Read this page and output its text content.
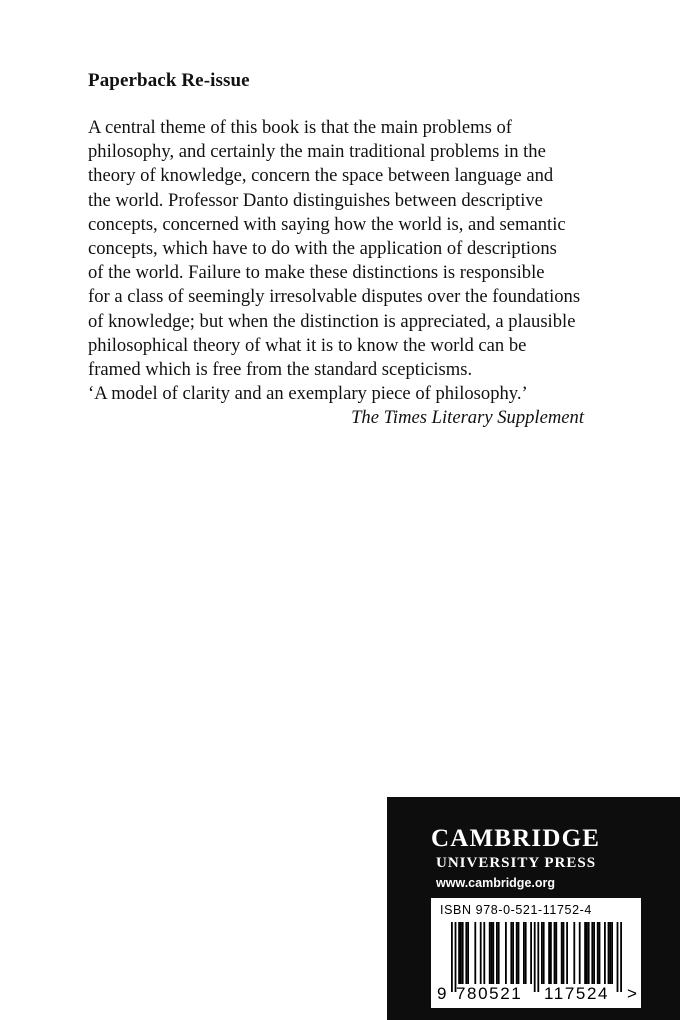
Paperback Re-issue

A central theme of this book is that the main problems of
philosophy, and certainly the main traditional problems in the
theory of knowledge, concern the space between language and
the world. Professor Danto distinguishes between descriptive
concepts, concerned with saying how the world is, and semantic
concepts, which have to do with the application of descriptions
of the world. Failure to make these distinctions is responsible
for a class of seemingly irresolvable disputes over the foundations
of knowledge; but when the distinction is appreciated, a plausible
philosophical theory of what it is to know the world can be
framed which is free from the standard scepticisms.

‘A model of clarity and an exemplary piece of philosophy.’

The Times Literary Supplement

CAMBRIDGE
UNIVERSITY PRESS
www.cambridge.org
ISBN 978-0-521-11752-4
9 780521 117524 >
